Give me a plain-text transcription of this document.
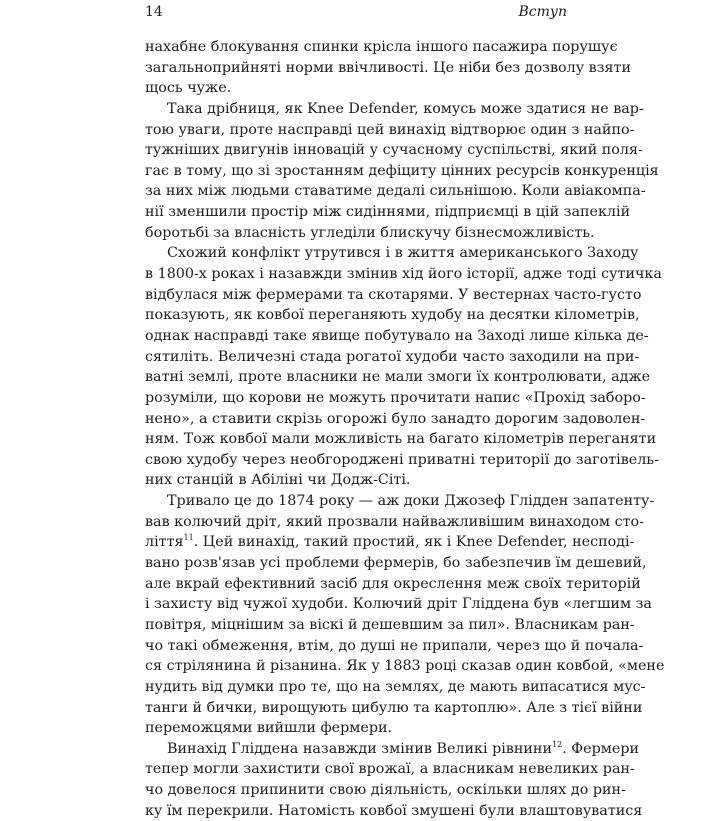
14	Вступ
нахабне блокування спинки крісла іншого пасажира порушує
загальноприйняті норми ввічливості. Це ніби без дозволу взяти
щось чуже.
Така дрібниця, як Knee Defender, комусь може здатися не вар-
тою уваги, проте насправді цей винахід відтворює один з найпо-
тужніших двигунів інновацій у сучасному суспільстві, який поля-
гає в тому, що зі зростанням дефіциту цінних ресурсів конкуренція
за них між людьми ставатиме дедалі сильнішою. Коли авіакомпа-
нії зменшили простір між сидіннями, підприємці в цій запеклій
боротьбі за власність угледіли блискучу бізнесможливість.
Схожий конфлікт утрутився і в життя американського Заходу
в 1800-х роках і назавжди змінив хід його історії, адже тоді сутичка
відбулася між фермерами та скотарями. У вестернах часто-густо
показують, як ковбої переганяють худобу на десятки кілометрів,
однак насправді таке явище побутувало на Заході лише кілька де-
сятиліть. Величезні стада рогатої худоби часто заходили на при-
ватні землі, проте власники не мали змоги їх контролювати, адже
розуміли, що корови не можуть прочитати напис «Прохід заборо-
нено», а ставити скрізь огорожі було занадто дорогим задоволен-
ням. Тож ковбої мали можливість на багато кілометрів переганяти
свою худобу через необгороджені приватні території до заготівель-
них станцій в Абіліні чи Додж-Сіті.
Тривало це до 1874 року — аж доки Джозеф Глідден запатенту-
вав колючий дріт, який прозвали найважливішим винаходом сто-
ліття$^{11}$. Цей винахід, такий простий, як і Knee Defender, несподі-
вано розв'язав усі проблеми фермерів, бо забезпечив їм дешевий,
але вкрай ефективний засіб для окреслення меж своїх територій
і захисту від чужої худоби. Колючий дріт Гліддена був «легшим за
повітря, міцнішим за віскі й дешевшим за пил». Власникам ран-
чо такі обмеження, втім, до душі не припали, через що й почала-
ся стрілянина й різанина. Як у 1883 році сказав один ковбой, «мене
нудить від думки про те, що на землях, де мають випасатися мус-
танги й бички, вирощують цибулю та картоплю». Але з тієї війни
переможцями вийшли фермери.
Винахід Гліддена назавжди змінив Великі рівнини$^{12}$. Фермери
тепер могли захистити свої врожаї, а власникам невеликих ран-
чо довелося припинити свою діяльність, оскільки шлях до рин-
ку їм перекрили. Натомість ковбої змушені були влаштовуватися
